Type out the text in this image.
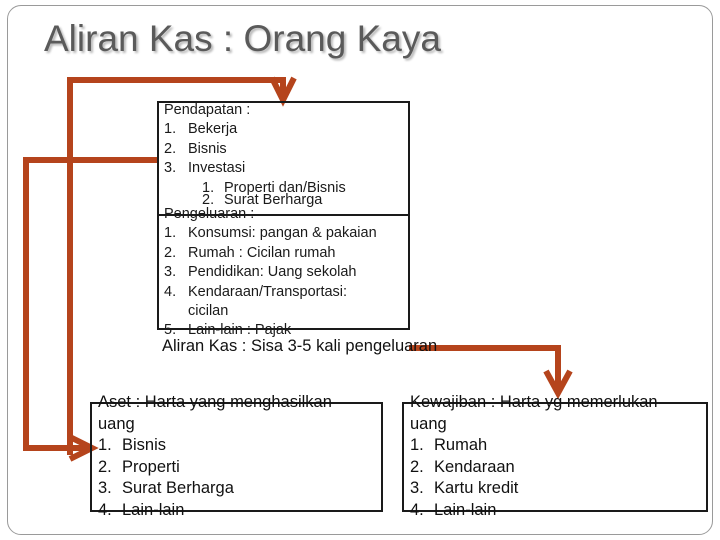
Aliran Kas : Orang Kaya
Pendapatan :
1. Bekerja
2. Bisnis
3. Investasi
1. Properti dan/Bisnis
2. Surat Berharga
Pengeluaran :
1. Konsumsi: pangan & pakaian
2. Rumah : Cicilan rumah
3. Pendidikan: Uang sekolah
4. Kendaraan/Transportasi:
cicilan
5. Lain-lain : Pajak
Aliran Kas : Sisa 3-5 kali pengeluaran
Aset : Harta yang menghasilkan
uang
1. Bisnis
2. Properti
3. Surat Berharga
4. Lain-lain
Kewajiban : Harta yg memerlukan
uang
1. Rumah
2. Kendaraan
3. Kartu kredit
4. Lain-lain
